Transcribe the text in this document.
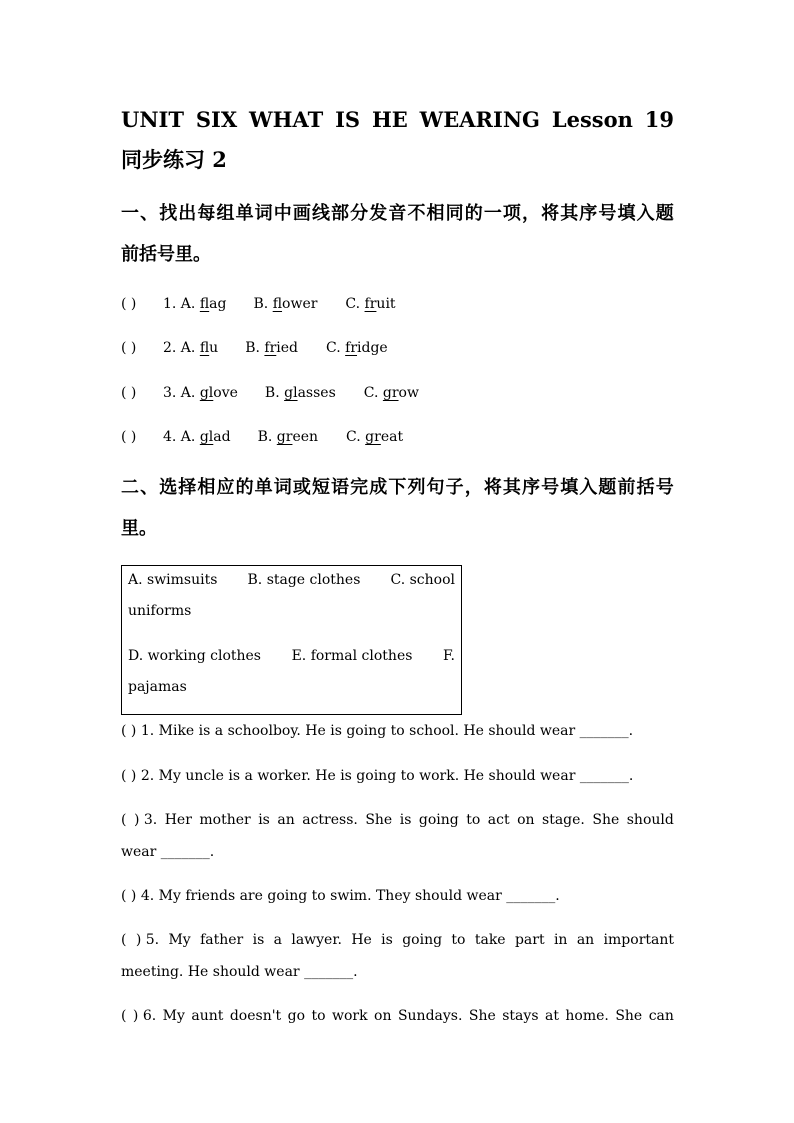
UNIT SIX WHAT IS HE WEARING Lesson 19
同步练习 2
一、找出每组单词中画线部分发音不相同的一项，将其序号填入题
前括号里。
( ) 1. A. flag B. flower C. fruit
( ) 2. A. flu B. fried C. fridge
( ) 3. A. glove B. glasses C. grow
( ) 4. A. glad B. green C. great
二、选择相应的单词或短语完成下列句子，将其序号填入题前括号
里。
A. swimsuits B. stage clothes C. school
uniforms
D. working clothes E. formal clothes F.
pajamas
( ) 1. Mike is a schoolboy. He is going to school. He should wear _______.
( ) 2. My uncle is a worker. He is going to work. He should wear _______.
( ) 3. Her mother is an actress. She is going to act on stage. She should
wear _______.
( ) 4. My friends are going to swim. They should wear _______.
( ) 5. My father is a lawyer. He is going to take part in an important
meeting. He should wear _______.
( ) 6. My aunt doesn't go to work on Sundays. She stays at home. She can
